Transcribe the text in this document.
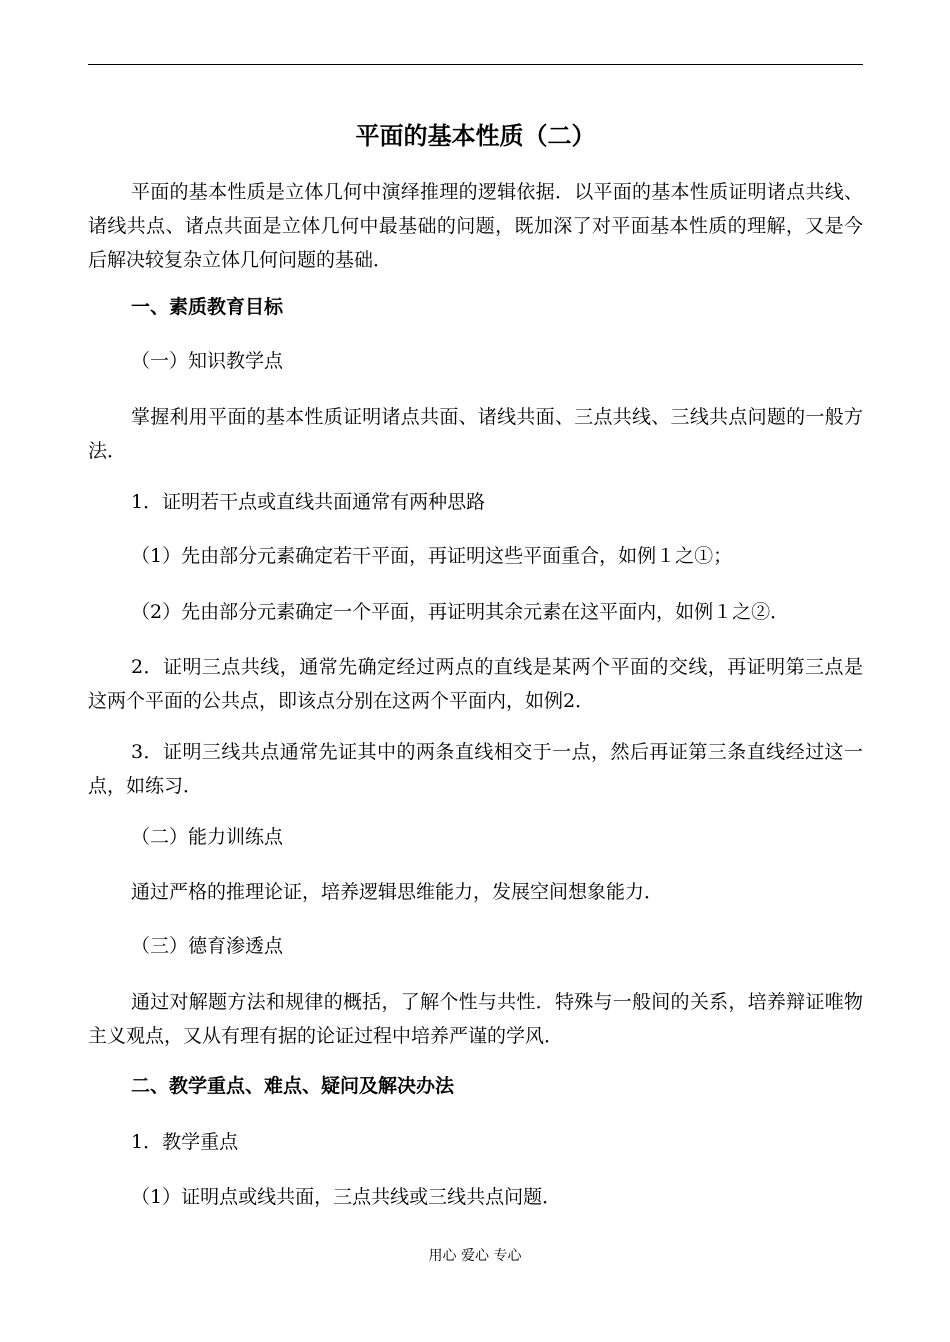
平面的基本性质（二）

平面的基本性质是立体几何中演绎推理的逻辑依据．以平面的基本性质证明诸点共线、诸线共点、诸点共面是立体几何中最基础的问题，既加深了对平面基本性质的理解，又是今后解决较复杂立体几何问题的基础．

一、素质教育目标
（一）知识教学点

掌握利用平面的基本性质证明诸点共面、诸线共面、三点共线、三线共点问题的一般方法．

1．证明若干点或直线共面通常有两种思路
（1）先由部分元素确定若干平面，再证明这些平面重合，如例１之①；
（2）先由部分元素确定一个平面，再证明其余元素在这平面内，如例１之②．

2．证明三点共线，通常先确定经过两点的直线是某两个平面的交线，再证明第三点是这两个平面的公共点，即该点分别在这两个平面内，如例2．

3．证明三线共点通常先证其中的两条直线相交于一点，然后再证第三条直线经过这一点，如练习．

（二）能力训练点
通过严格的推理论证，培养逻辑思维能力，发展空间想象能力．
（三）德育渗透点

通过对解题方法和规律的概括，了解个性与共性．特殊与一般间的关系，培养辩证唯物主义观点，又从有理有据的论证过程中培养严谨的学风．

二、教学重点、难点、疑问及解决办法
1．教学重点
（1）证明点或线共面，三点共线或三线共点问题．
用心 爱心 专心
